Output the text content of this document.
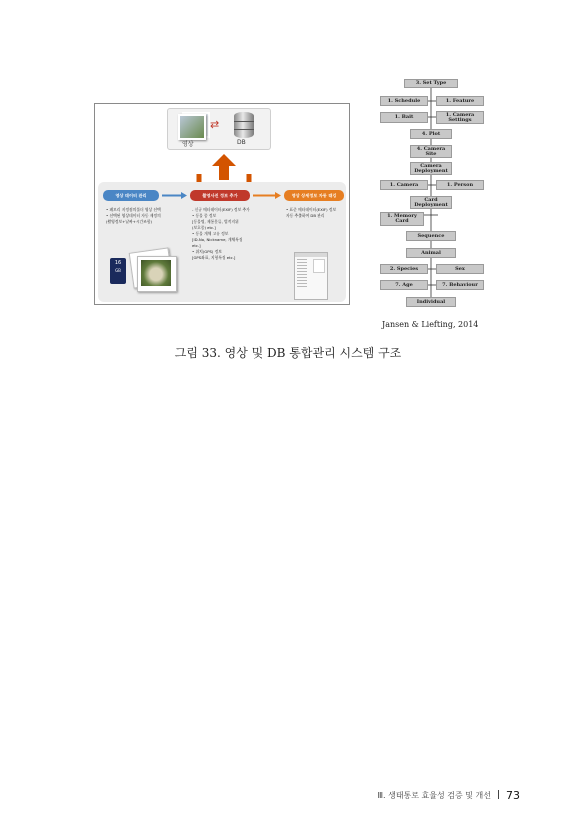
⇄
영상	DB
영상 데이터 관리	촬영사진 정보 추가	영상 상세정보 자동 태깅
• 폐모리 지정점의폴더 영상 선택
• 선택된 영상데이터 자동 제정의
(촬영정보+날짜+시간조합)
- 신규 메타데이터(EXIF) 정보 추가
• 동물 종 정보
[동물명, 제통분류, 법적지위
(보호종) etc.]
• 동물 개체 고유 정보
[ID-No, Nickname, 개체특징
etc.]
• 위치(GPS) 정보
[GPS좌표, 지형특징 etc.]
• 표준 메타데이터(EXIF) 정보
자동 추출하여 DB 관리
16
GB
3. Set Type
1. Schedule	1. Feature
1. Bait	1. Camera
Settings
4. Plot
4. Camera
Site
Camera
Deployment
1. Camera	1. Person
Card
Deployment
1. Memory
Card
Sequence
Animal
2. Species	Sex
7. Age	7. Behaviour
Individual
Jansen & Liefting, 2014
그림 33. 영상 및 DB 통합관리 시스템 구조
Ⅲ. 생태통로 효율성 검증 및 개선 73
